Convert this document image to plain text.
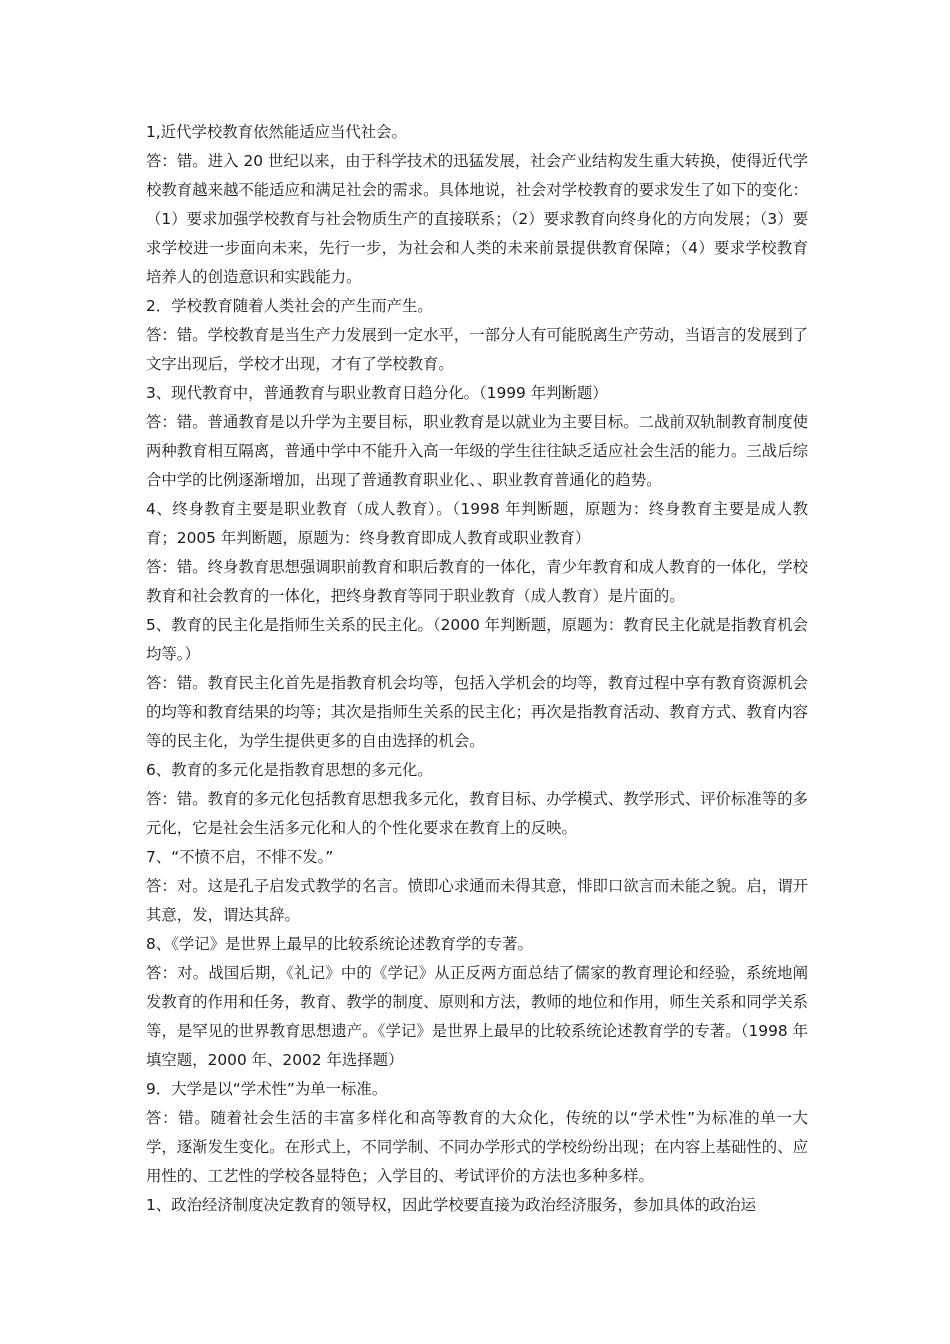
1,近代学校教育依然能适应当代社会。

答：错。进入 20 世纪以来，由于科学技术的迅猛发展，社会产业结构发生重大转换，使得近代学校教育越来越不能适应和满足社会的需求。具体地说，社会对学校教育的要求发生了如下的变化：（1）要求加强学校教育与社会物质生产的直接联系；（2）要求教育向终身化的方向发展；（3）要求学校进一步面向未来，先行一步，为社会和人类的未来前景提供教育保障；（4）要求学校教育培养人的创造意识和实践能力。

2．学校教育随着人类社会的产生而产生。

答：错。学校教育是当生产力发展到一定水平，一部分人有可能脱离生产劳动，当语言的发展到了文字出现后，学校才出现，才有了学校教育。

3、现代教育中，普通教育与职业教育日趋分化。（1999 年判断题）

答：错。普通教育是以升学为主要目标，职业教育是以就业为主要目标。二战前双轨制教育制度使两种教育相互隔离，普通中学中不能升入高一年级的学生往往缺乏适应社会生活的能力。三战后综合中学的比例逐渐增加，出现了普通教育职业化、、职业教育普通化的趋势。

4、终身教育主要是职业教育（成人教育）。（1998 年判断题，原题为：终身教育主要是成人教育；2005 年判断题，原题为：终身教育即成人教育或职业教育）

答：错。终身教育思想强调职前教育和职后教育的一体化，青少年教育和成人教育的一体化，学校教育和社会教育的一体化，把终身教育等同于职业教育（成人教育）是片面的。

5、教育的民主化是指师生关系的民主化。（2000 年判断题，原题为：教育民主化就是指教育机会均等。）

答：错。教育民主化首先是指教育机会均等，包括入学机会的均等，教育过程中享有教育资源机会的均等和教育结果的均等；其次是指师生关系的民主化；再次是指教育活动、教育方式、教育内容等的民主化，为学生提供更多的自由选择的机会。

6、教育的多元化是指教育思想的多元化。

答：错。教育的多元化包括教育思想我多元化，教育目标、办学模式、教学形式、评价标准等的多元化，它是社会生活多元化和人的个性化要求在教育上的反映。

7、“不愤不启，不悱不发。”

答：对。这是孔子启发式教学的名言。愤即心求通而未得其意，悱即口欲言而未能之貌。启，谓开其意，发，谓达其辞。

8、《学记》是世界上最早的比较系统论述教育学的专著。

答：对。战国后期，《礼记》中的《学记》从正反两方面总结了儒家的教育理论和经验，系统地阐发教育的作用和任务，教育、教学的制度、原则和方法，教师的地位和作用，师生关系和同学关系等，是罕见的世界教育思想遗产。《学记》是世界上最早的比较系统论述教育学的专著。（1998 年填空题，2000 年、2002 年选择题）

9．大学是以“学术性”为单一标准。

答：错。随着社会生活的丰富多样化和高等教育的大众化，传统的以“学术性”为标准的单一大学，逐渐发生变化。在形式上，不同学制、不同办学形式的学校纷纷出现；在内容上基础性的、应用性的、工艺性的学校各显特色；入学目的、考试评价的方法也多种多样。

1、政治经济制度决定教育的领导权，因此学校要直接为政治经济服务，参加具体的政治运
